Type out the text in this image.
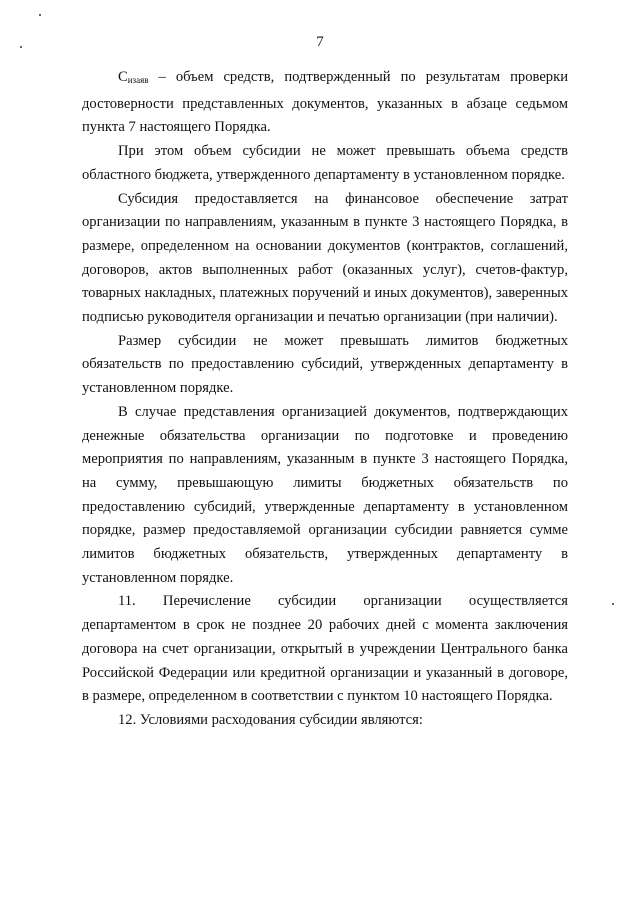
7

$C_{изаяв}$ – объем средств, подтвержденный по результатам проверки достоверности представленных документов, указанных в абзаце седьмом пункта 7 настоящего Порядка.

При этом объем субсидии не может превышать объема средств областного бюджета, утвержденного департаменту в установленном порядке.

Субсидия предоставляется на финансовое обеспечение затрат организации по направлениям, указанным в пункте 3 настоящего Порядка, в размере, определенном на основании документов (контрактов, соглашений, договоров, актов выполненных работ (оказанных услуг), счетов-фактур, товарных накладных, платежных поручений и иных документов), заверенных подписью руководителя организации и печатью организации (при наличии).

Размер субсидии не может превышать лимитов бюджетных обязательств по предоставлению субсидий, утвержденных департаменту в установленном порядке.

В случае представления организацией документов, подтверждающих денежные обязательства организации по подготовке и проведению мероприятия по направлениям, указанным в пункте 3 настоящего Порядка, на сумму, превышающую лимиты бюджетных обязательств по предоставлению субсидий, утвержденные департаменту в установленном порядке, размер предоставляемой организации субсидии равняется сумме лимитов бюджетных обязательств, утвержденных департаменту в установленном порядке.

11.      Перечисление      субсидии      организации      осуществляется департаментом в срок не позднее 20 рабочих дней с момента заключения договора на счет организации, открытый в учреждении Центрального банка Российской Федерации или кредитной организации и указанный в договоре, в размере, определенном в соответствии с пунктом 10 настоящего Порядка.

12. Условиями расходования субсидии являются:
